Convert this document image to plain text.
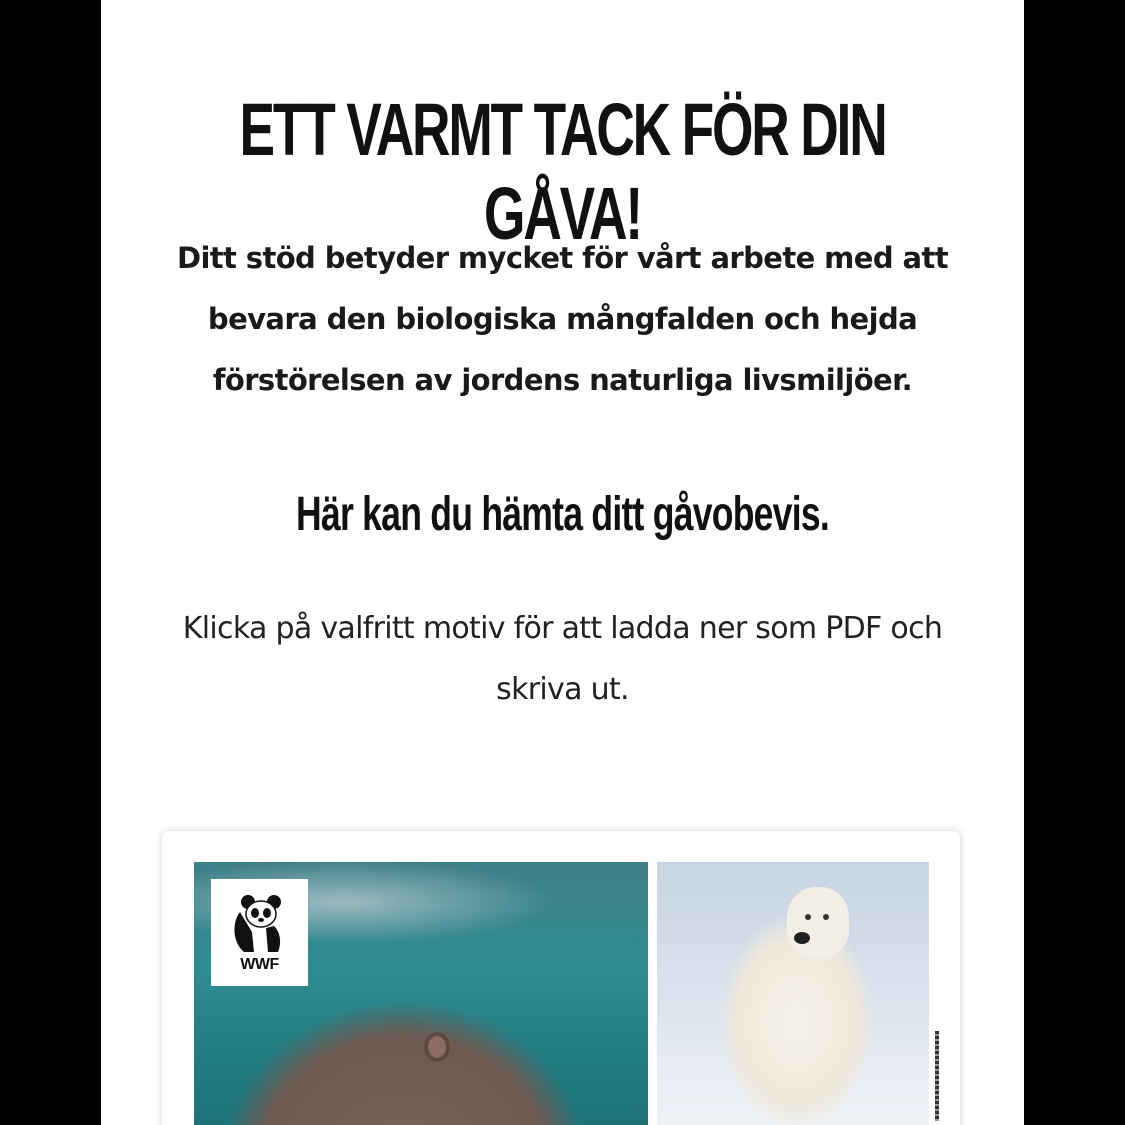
ETT VARMT TACK FÖR DIN GÅVA!

Ditt stöd betyder mycket för vårt arbete med att bevara den biologiska mångfalden och hejda förstörelsen av jordens naturliga livsmiljöer.

Här kan du hämta ditt gåvobevis.

Klicka på valfritt motiv för att ladda ner som PDF och skriva ut.

WWF
